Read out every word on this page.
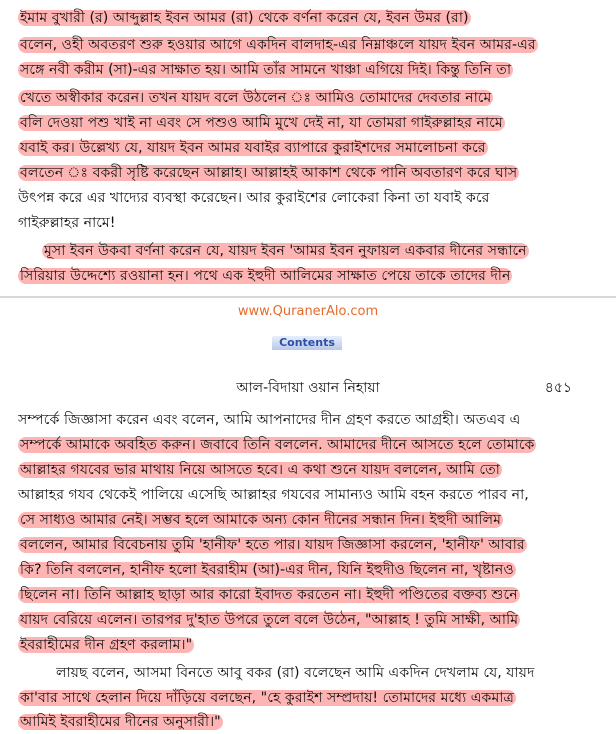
ইমাম বুখারী (র) আব্দুল্লাহ ইবন আমর (রা) থেকে বর্ণনা করেন যে, ইবন উমর (রা)
বলেন, ওহী অবতরণ শুরু হওয়ার আগে একদিন বালদাহ-এর নিম্নাঞ্চলে যায়দ ইবন আমর-এর
সঙ্গে নবী করীম (সা)-এর সাক্ষাত হয়। আমি তাঁর সামনে খাঞ্চা এগিয়ে দিই। কিন্তু তিনি তা
খেতে অস্বীকার করেন। তখন যায়দ বলে উঠলেন ঃ আমিও তোমাদের দেবতার নামে
বলি দেওয়া পশু খাই না এবং সে পশুও আমি মুখে দেই না, যা তোমরা গাইরুল্লাহর নামে
যবাই কর। উল্লেখ্য যে, যায়দ ইবন আমর যবাইর ব্যাপারে কুরাইশদের সমালোচনা করে
বলতেন ঃ বকরী সৃষ্টি করেছেন আল্লাহ। আল্লাহই আকাশ থেকে পানি অবতারণ করে ঘাস
উৎপন্ন করে এর খাদ্যের ব্যবস্থা করেছেন। আর কুরাইশের লোকেরা কিনা তা যবাই করে
গাইরুল্লাহর নামে!
মূসা ইবন উকবা বর্ণনা করেন যে, যায়দ ইবন 'আমর ইবন নুফায়ল একবার দীনের সন্ধানে
সিরিয়ার উদ্দেশ্যে রওয়ানা হন। পথে এক ইহুদী আলিমের সাক্ষাত পেয়ে তাকে তাদের দীন
www.QuranerAlo.com
Contents
আল-বিদায়া ওয়ান নিহায়া	৪৫১
সম্পর্কে জিজ্ঞাসা করেন এবং বলেন, আমি আপনাদের দীন গ্রহণ করতে আগ্রহী। অতএব এ
সম্পর্কে আমাকে অবহিত করুন। জবাবে তিনি বললেন. আমাদের দীনে আসতে হলে তোমাকে
আল্লাহর গযবের ভার মাথায় নিয়ে আসতে হবে। এ কথা শুনে যায়দ বললেন, আমি তো
আল্লাহর গযব থেকেই পালিয়ে এসেছি আল্লাহর গযবের সামান্যও আমি বহন করতে পারব না,
সে সাধ্যও আমার নেই। সম্ভব হলে আমাকে অন্য কোন দীনের সন্ধান দিন। ইহুদী আলিম
বললেন, আমার বিবেচনায় তুমি 'হানীফ' হতে পার। যায়দ জিজ্ঞাসা করলেন, 'হানীফ' আবার
কি? তিনি বললেন, হানীফ হলো ইবরাহীম (আ)-এর দীন, যিনি ইহুদীও ছিলেন না, খৃষ্টানও
ছিলেন না। তিনি আল্লাহ ছাড়া আর কারো ইবাদত করতেন না। ইহুদী পণ্ডিতের বক্তব্য শুনে
যায়দ বেরিয়ে এলেন। তারপর দু'হাত উপরে তুলে বলে উঠেন, "আল্লাহ ! তুমি সাক্ষী, আমি
ইবরাহীমের দীন গ্রহণ করলাম।"
লায়ছ বলেন, আসমা বিনতে আবু বকর (রা) বলেছেন আমি একদিন দেখলাম যে, যায়দ
কা'বার সাথে হেলান দিয়ে দাঁড়িয়ে বলছেন, "হে কুরাইশ সম্প্রদায়! তোমাদের মধ্যে একমাত্র
আমিই ইবরাহীমের দীনের অনুসারী।"
